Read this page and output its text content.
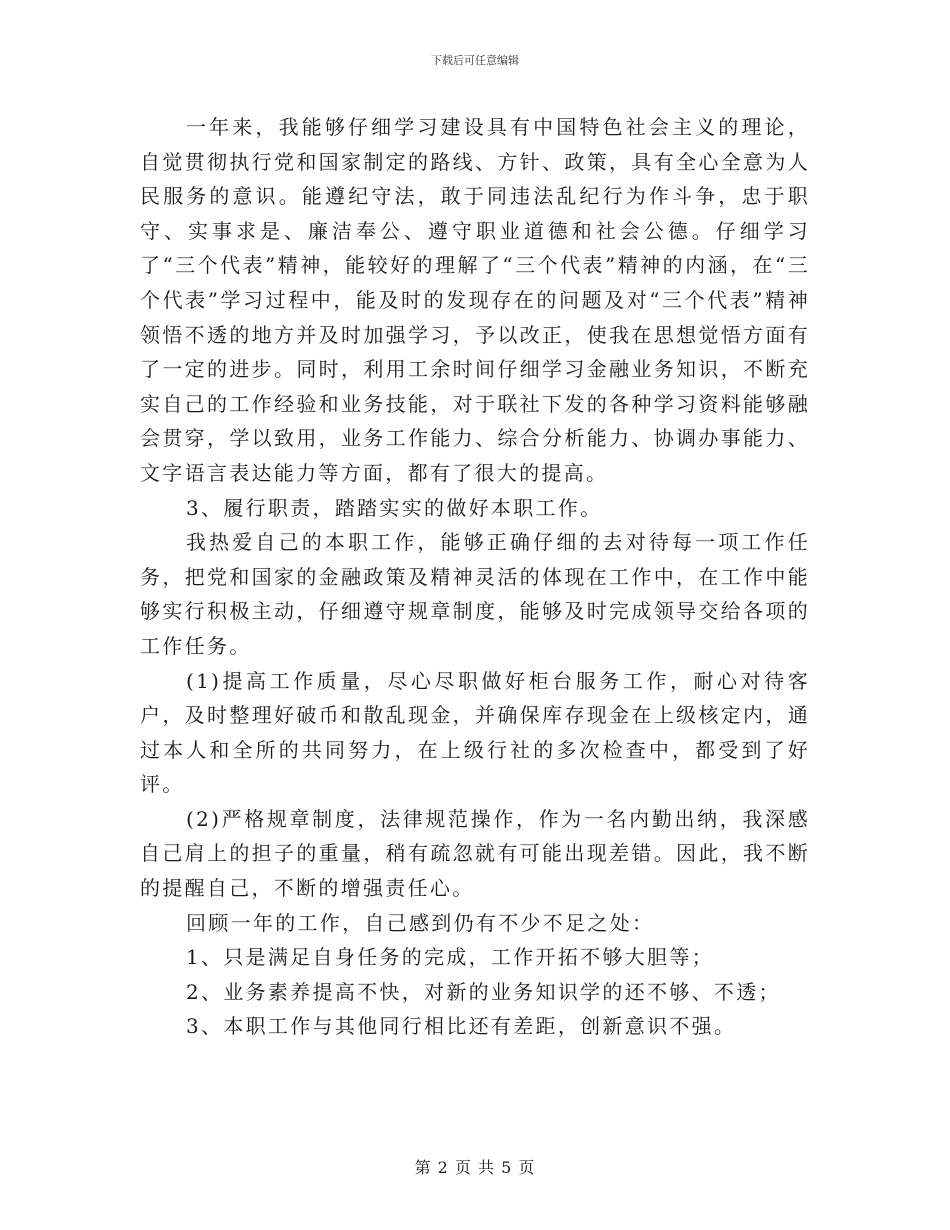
下载后可任意编辑

一年来，我能够仔细学习建设具有中国特色社会主义的理论，自觉贯彻执行党和国家制定的路线、方针、政策，具有全心全意为人民服务的意识。能遵纪守法，敢于同违法乱纪行为作斗争，忠于职守、实事求是、廉洁奉公、遵守职业道德和社会公德。仔细学习了“三个代表”精神，能较好的理解了“三个代表”精神的内涵，在“三个代表”学习过程中，能及时的发现存在的问题及对“三个代表”精神领悟不透的地方并及时加强学习，予以改正，使我在思想觉悟方面有了一定的进步。同时，利用工余时间仔细学习金融业务知识，不断充实自己的工作经验和业务技能，对于联社下发的各种学习资料能够融会贯穿，学以致用，业务工作能力、综合分析能力、协调办事能力、文字语言表达能力等方面，都有了很大的提高。

3、履行职责，踏踏实实的做好本职工作。

我热爱自己的本职工作，能够正确仔细的去对待每一项工作任务，把党和国家的金融政策及精神灵活的体现在工作中，在工作中能够实行积极主动，仔细遵守规章制度，能够及时完成领导交给各项的工作任务。

(1)提高工作质量，尽心尽职做好柜台服务工作，耐心对待客户，及时整理好破币和散乱现金，并确保库存现金在上级核定内，通过本人和全所的共同努力，在上级行社的多次检查中，都受到了好评。

(2)严格规章制度，法律规范操作，作为一名内勤出纳，我深感自己肩上的担子的重量，稍有疏忽就有可能出现差错。因此，我不断的提醒自己，不断的增强责任心。

回顾一年的工作，自己感到仍有不少不足之处：

1、只是满足自身任务的完成，工作开拓不够大胆等；

2、业务素养提高不快，对新的业务知识学的还不够、不透；

3、本职工作与其他同行相比还有差距，创新意识不强。

第 2 页 共 5 页
